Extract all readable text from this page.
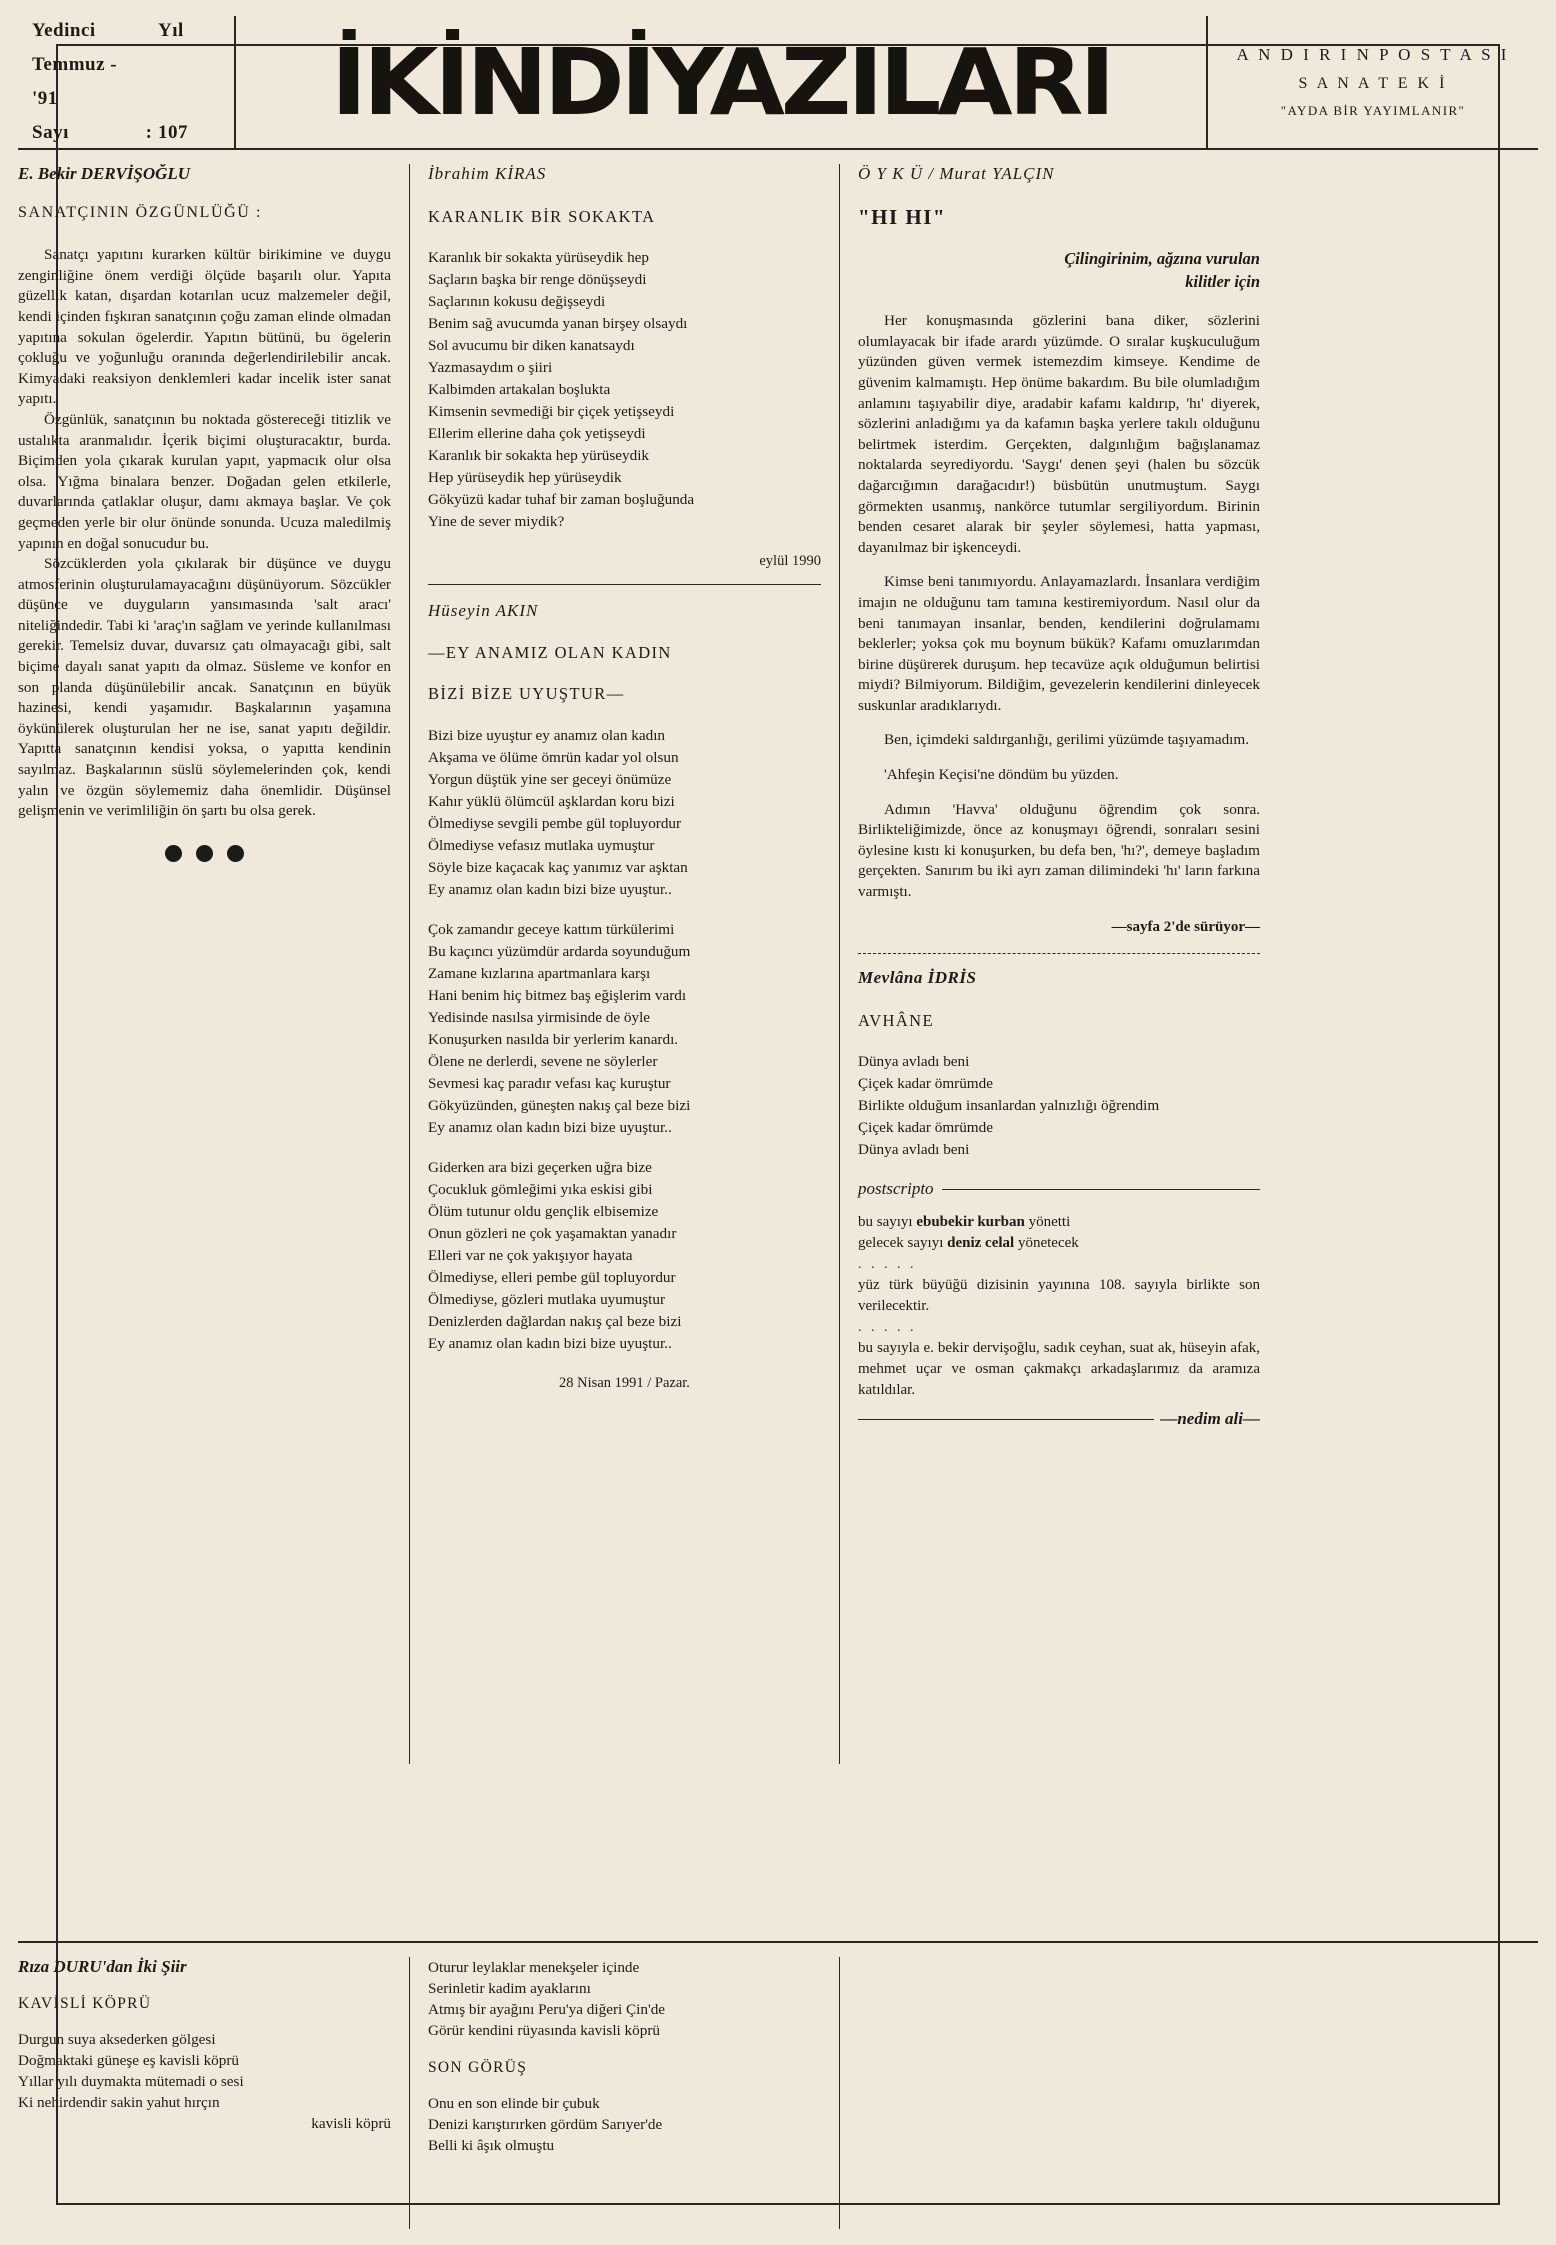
Yedinci	Yıl
Temmuz - '91
Sayı	: 107 İKİNDİYAZILARI	A N D I R I N P O S T A S I
S A N A T E K İ
"AYDA BİR YAYIMLANIR"
E. Bekir DERVİŞOĞLU
SANATÇININ ÖZGÜNLÜĞÜ :

Sanatçı yapıtını kurarken kültür birikimine ve duygu zenginliğine önem verdiği ölçüde başarılı olur. Yapıta güzellik katan, dışardan kotarılan ucuz malzemeler değil, kendi içinden fışkıran sanatçının çoğu zaman elinde olmadan yapıtına sokulan ögelerdir. Yapıtın bütünü, bu ögelerin çokluğu ve yoğunluğu oranında değerlendirilebilir ancak. Kimyadaki reaksiyon denklemleri kadar incelik ister sanat yapıtı.

Özgünlük, sanatçının bu noktada göstereceği titizlik ve ustalıkta aranmalıdır. İçerik biçimi oluşturacaktır, burda. Biçimden yola çıkarak kurulan yapıt, yapmacık olur olsa olsa. Yığma binalara benzer. Doğadan gelen etkilerle, duvarlarında çatlaklar oluşur, damı akmaya başlar. Ve çok geçmeden yerle bir olur önünde sonunda. Ucuza maledilmiş yapının en doğal sonucudur bu.

Sözcüklerden yola çıkılarak bir düşünce ve duygu atmosferinin oluşturulamayacağını düşünüyorum. Sözcükler düşünce ve duyguların yansımasında 'salt aracı' niteliğindedir. Tabi ki 'araç'ın sağlam ve yerinde kullanılması gerekir. Temelsiz duvar, duvarsız çatı olmayacağı gibi, salt biçime dayalı sanat yapıtı da olmaz. Süsleme ve konfor en son planda düşünülebilir ancak. Sanatçının en büyük hazinesi, kendi yaşamıdır. Başkalarının yaşamına öykünülerek oluşturulan her ne ise, sanat yapıtı değildir. Yapıtta sanatçının kendisi yoksa, o yapıtta kendinin sayılmaz. Başkalarının süslü söylemelerinden çok, kendi yalın ve özgün söylememiz daha önemlidir. Düşünsel gelişmenin ve verimliliğin ön şartı bu olsa gerek.

İbrahim KİRAS
KARANLIK BİR SOKAKTA
Karanlık bir sokakta yürüseydik hep
Saçların başka bir renge dönüşseydi
Saçlarının kokusu değişseydi
Benim sağ avucumda yanan birşey olsaydı
Sol avucumu bir diken kanatsaydı
Yazmasaydım o şiiri
Kalbimden artakalan boşlukta
Kimsenin sevmediği bir çiçek yetişseydi
Ellerim ellerine daha çok yetişseydi
Karanlık bir sokakta hep yürüseydik
Hep yürüseydik hep yürüseydik
Gökyüzü kadar tuhaf bir zaman boşluğunda
Yine de sever miydik?
eylül 1990
Hüseyin AKIN
—EY ANAMIZ OLAN KADIN
BİZİ BİZE UYUŞTUR—
Bizi bize uyuştur ey anamız olan kadın
Akşama ve ölüme ömrün kadar yol olsun
Yorgun düştük yine ser geceyi önümüze
Kahır yüklü ölümcül aşklardan koru bizi
Ölmediyse sevgili pembe gül topluyordur
Ölmediyse vefasız mutlaka uymuştur
Söyle bize kaçacak kaç yanımız var aşktan
Ey anamız olan kadın bizi bize uyuştur..
Çok zamandır geceye kattım türkülerimi
Bu kaçıncı yüzümdür ardarda soyunduğum
Zamane kızlarına apartmanlara karşı
Hani benim hiç bitmez baş eğişlerim vardı
Yedisinde nasılsa yirmisinde de öyle
Konuşurken nasılda bir yerlerim kanardı.
Ölene ne derlerdi, sevene ne söylerler
Sevmesi kaç paradır vefası kaç kuruştur
Gökyüzünden, güneşten nakış çal beze bizi
Ey anamız olan kadın bizi bize uyuştur..
Giderken ara bizi geçerken uğra bize
Çocukluk gömleğimi yıka eskisi gibi
Ölüm tutunur oldu gençlik elbisemize
Onun gözleri ne çok yaşamaktan yanadır
Elleri var ne çok yakışıyor hayata
Ölmediyse, elleri pembe gül topluyordur
Ölmediyse, gözleri mutlaka uyumuştur
Denizlerden dağlardan nakış çal beze bizi
Ey anamız olan kadın bizi bize uyuştur..
28 Nisan 1991 / Pazar.
Ö Y K Ü / Murat YALÇIN
"HI HI"
Çilingirinim, ağzına vurulan
kilitler için

Her konuşmasında gözlerini bana diker, sözlerini olumlayacak bir ifade arardı yüzümde. O sıralar kuşkuculuğum yüzünden güven vermek istemezdim kimseye. Kendime de güvenim kalmamıştı. Hep önüme bakardım. Bu bile olumladığım anlamını taşıyabilir diye, aradabir kafamı kaldırıp, 'hı' diyerek, sözlerini anladığımı ya da kafamın başka yerlere takılı olduğunu belirtmek isterdim. Gerçekten, dalgınlığım bağışlanamaz noktalarda seyrediyordu. 'Saygı' denen şeyi (halen bu sözcük dağarcığımın darağacıdır!) büsbütün unutmuştum. Saygı görmekten usanmış, nankörce tutumlar sergiliyordum. Birinin benden cesaret alarak bir şeyler söylemesi, hatta yapması, dayanılmaz bir işkenceydi.

Kimse beni tanımıyordu. Anlayamazlardı. İnsanlara verdiğim imajın ne olduğunu tam tamına kestiremiyordum. Nasıl olur da beni tanımayan insanlar, benden, kendilerini doğrulamamı beklerler; yoksa çok mu boynum bükük? Kafamı omuzlarımdan birine düşürerek duruşum. hep tecavüze açık olduğumun belirtisi miydi? Bilmiyorum. Bildiğim, gevezelerin kendilerini dinleyecek suskunlar aradıklarıydı.

Ben, içimdeki saldırganlığı, gerilimi yüzümde taşıyamadım.

'Ahfeşin Keçisi'ne döndüm bu yüzden.

Adımın 'Havva' olduğunu öğrendim çok sonra. Birlikteliğimizde, önce az konuşmayı öğrendi, sonraları sesini öylesine kıstı ki konuşurken, bu defa ben, 'hı?', demeye başladım gerçekten. Sanırım bu iki ayrı zaman dilimindeki 'hı' ların farkına varmıştı.

—sayfa 2'de sürüyor—
Mevlâna İDRİS
AVHÂNE
Dünya avladı beni
Çiçek kadar ömrümde
Birlikte olduğum insanlardan yalnızlığı öğrendim
Çiçek kadar ömrümde
Dünya avladı beni
postscripto
bu sayıyı ebubekir kurban yönetti
gelecek sayıyı deniz celal yönetecek
. . . . .
yüz türk büyüğü dizisinin yayınına 108. sayıyla birlikte son verilecektir.
. . . . .
bu sayıyla e. bekir dervişoğlu, sadık ceyhan, suat ak, hüseyin afak, mehmet uçar ve osman çakmakçı arkadaşlarımız da aramıza katıldılar.
—nedim ali—
Rıza DURU'dan İki Şiir
KAVİSLİ KÖPRÜ
Durgun suya aksederken gölgesi
Doğmaktaki güneşe eş kavisli köprü
Yıllar yılı duymakta mütemadi o sesi
Ki nehirdendir sakin yahut hırçın
kavisli köprü
Oturur leylaklar menekşeler içinde
Serinletir kadim ayaklarını
Atmış bir ayağını Peru'ya diğeri Çin'de
Görür kendini rüyasında kavisli köprü
SON GÖRÜŞ
Onu en son elinde bir çubuk
Denizi karıştırırken gördüm Sarıyer'de
Belli ki âşık olmuştu
